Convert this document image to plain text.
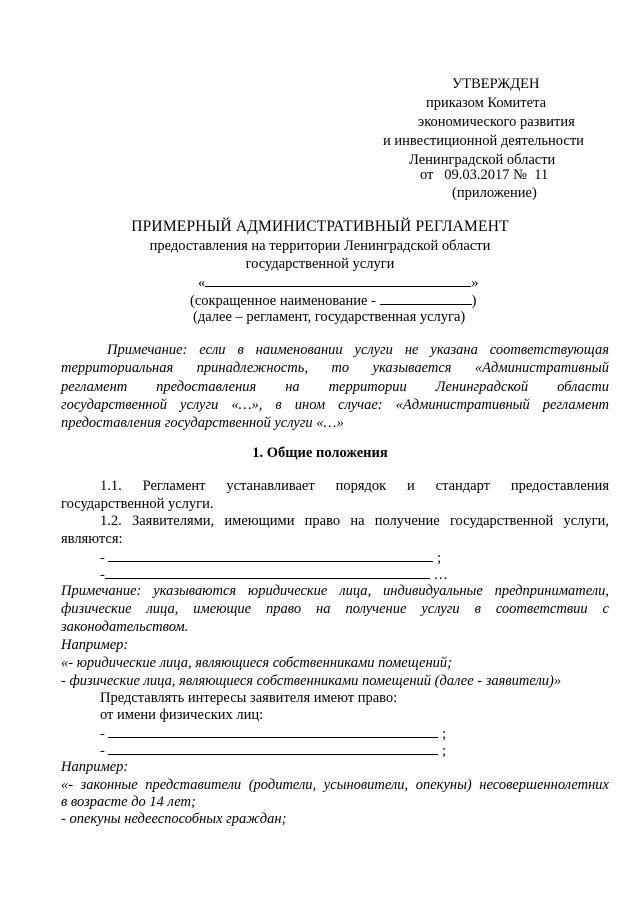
УТВЕРЖДЕН
приказом Комитета
экономического развития
и инвестиционной деятельности
Ленинградской области
от   09.03.2017 №  11
(приложение)
ПРИМЕРНЫЙ АДМИНИСТРАТИВНЫЙ РЕГЛАМЕНТ
предоставления на территории Ленинградской области
государственной услуги
«	»
(сокращенное наименование -	)
(далее – регламент, государственная услуга)
Примечание: если в наименовании услуги не указана соответствующая
территориальная принадлежность, то указывается «Административный
регламент предоставления на территории Ленинградской области
государственной услуги «…», в ином случае: «Административный регламент
предоставления государственной услуги «…»
1. Общие положения
1.1. Регламент устанавливает порядок и стандарт предоставления
государственной услуги.
1.2. Заявителями, имеющими право на получение государственной услуги,
являются:
-	;
-	…
Примечание: указываются юридические лица, индивидуальные предприниматели,
физические лица, имеющие право на получение услуги в соответствии с
законодательством.
Например:
«- юридические лица, являющиеся собственниками помещений;
- физические лица, являющиеся собственниками помещений (далее - заявители)»
Представлять интересы заявителя имеют право:
от имени физических лиц:
-	;
-	;
Например:
«- законные представители (родители, усыновители, опекуны) несовершеннолетних
в возрасте до 14 лет;
- опекуны недееспособных граждан;
